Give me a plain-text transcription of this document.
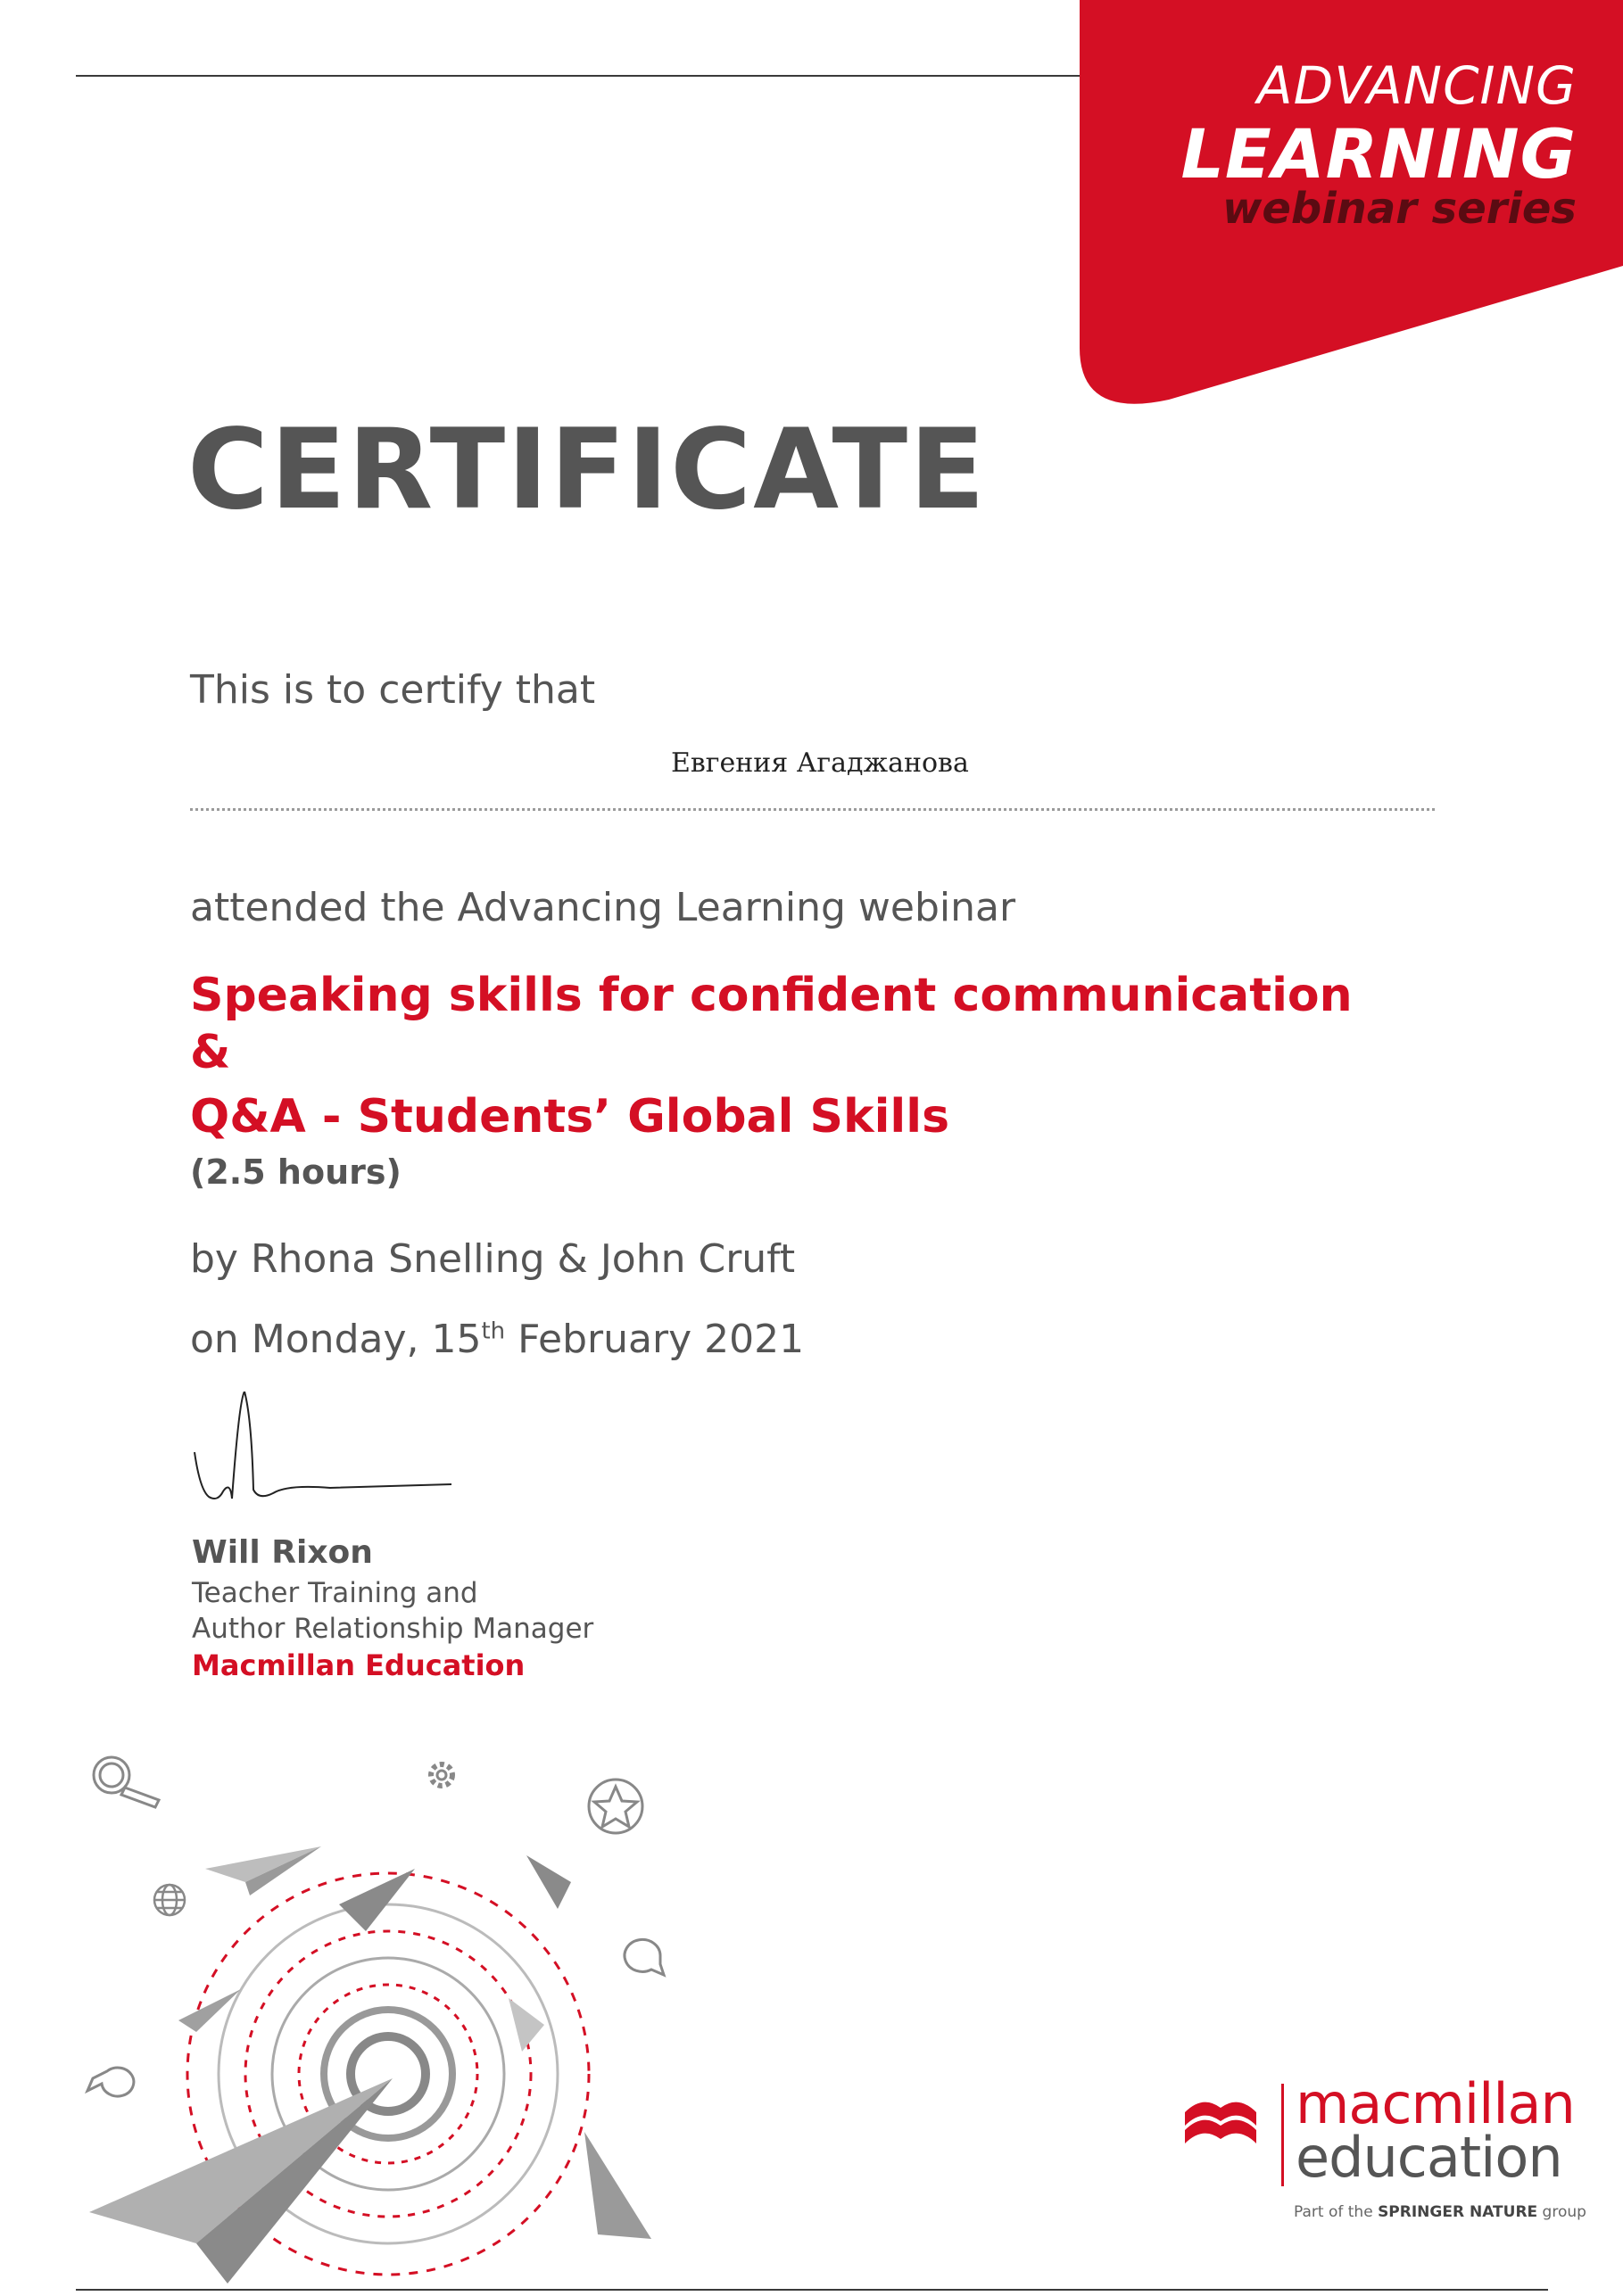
ADVANCING
LEARNING
webinar series
CERTIFICATE
This is to certify that
Евгения Агаджанова
attended the Advancing Learning webinar
Speaking skills for confident communication
&
Q&A - Students’ Global Skills
(2.5 hours)
by Rhona Snelling & John Cruft
on Monday, 15th February 2021
Will Rixon
Teacher Training and
Author Relationship Manager
Macmillan Education
macmillan
education
Part of the SPRINGER NATURE group
